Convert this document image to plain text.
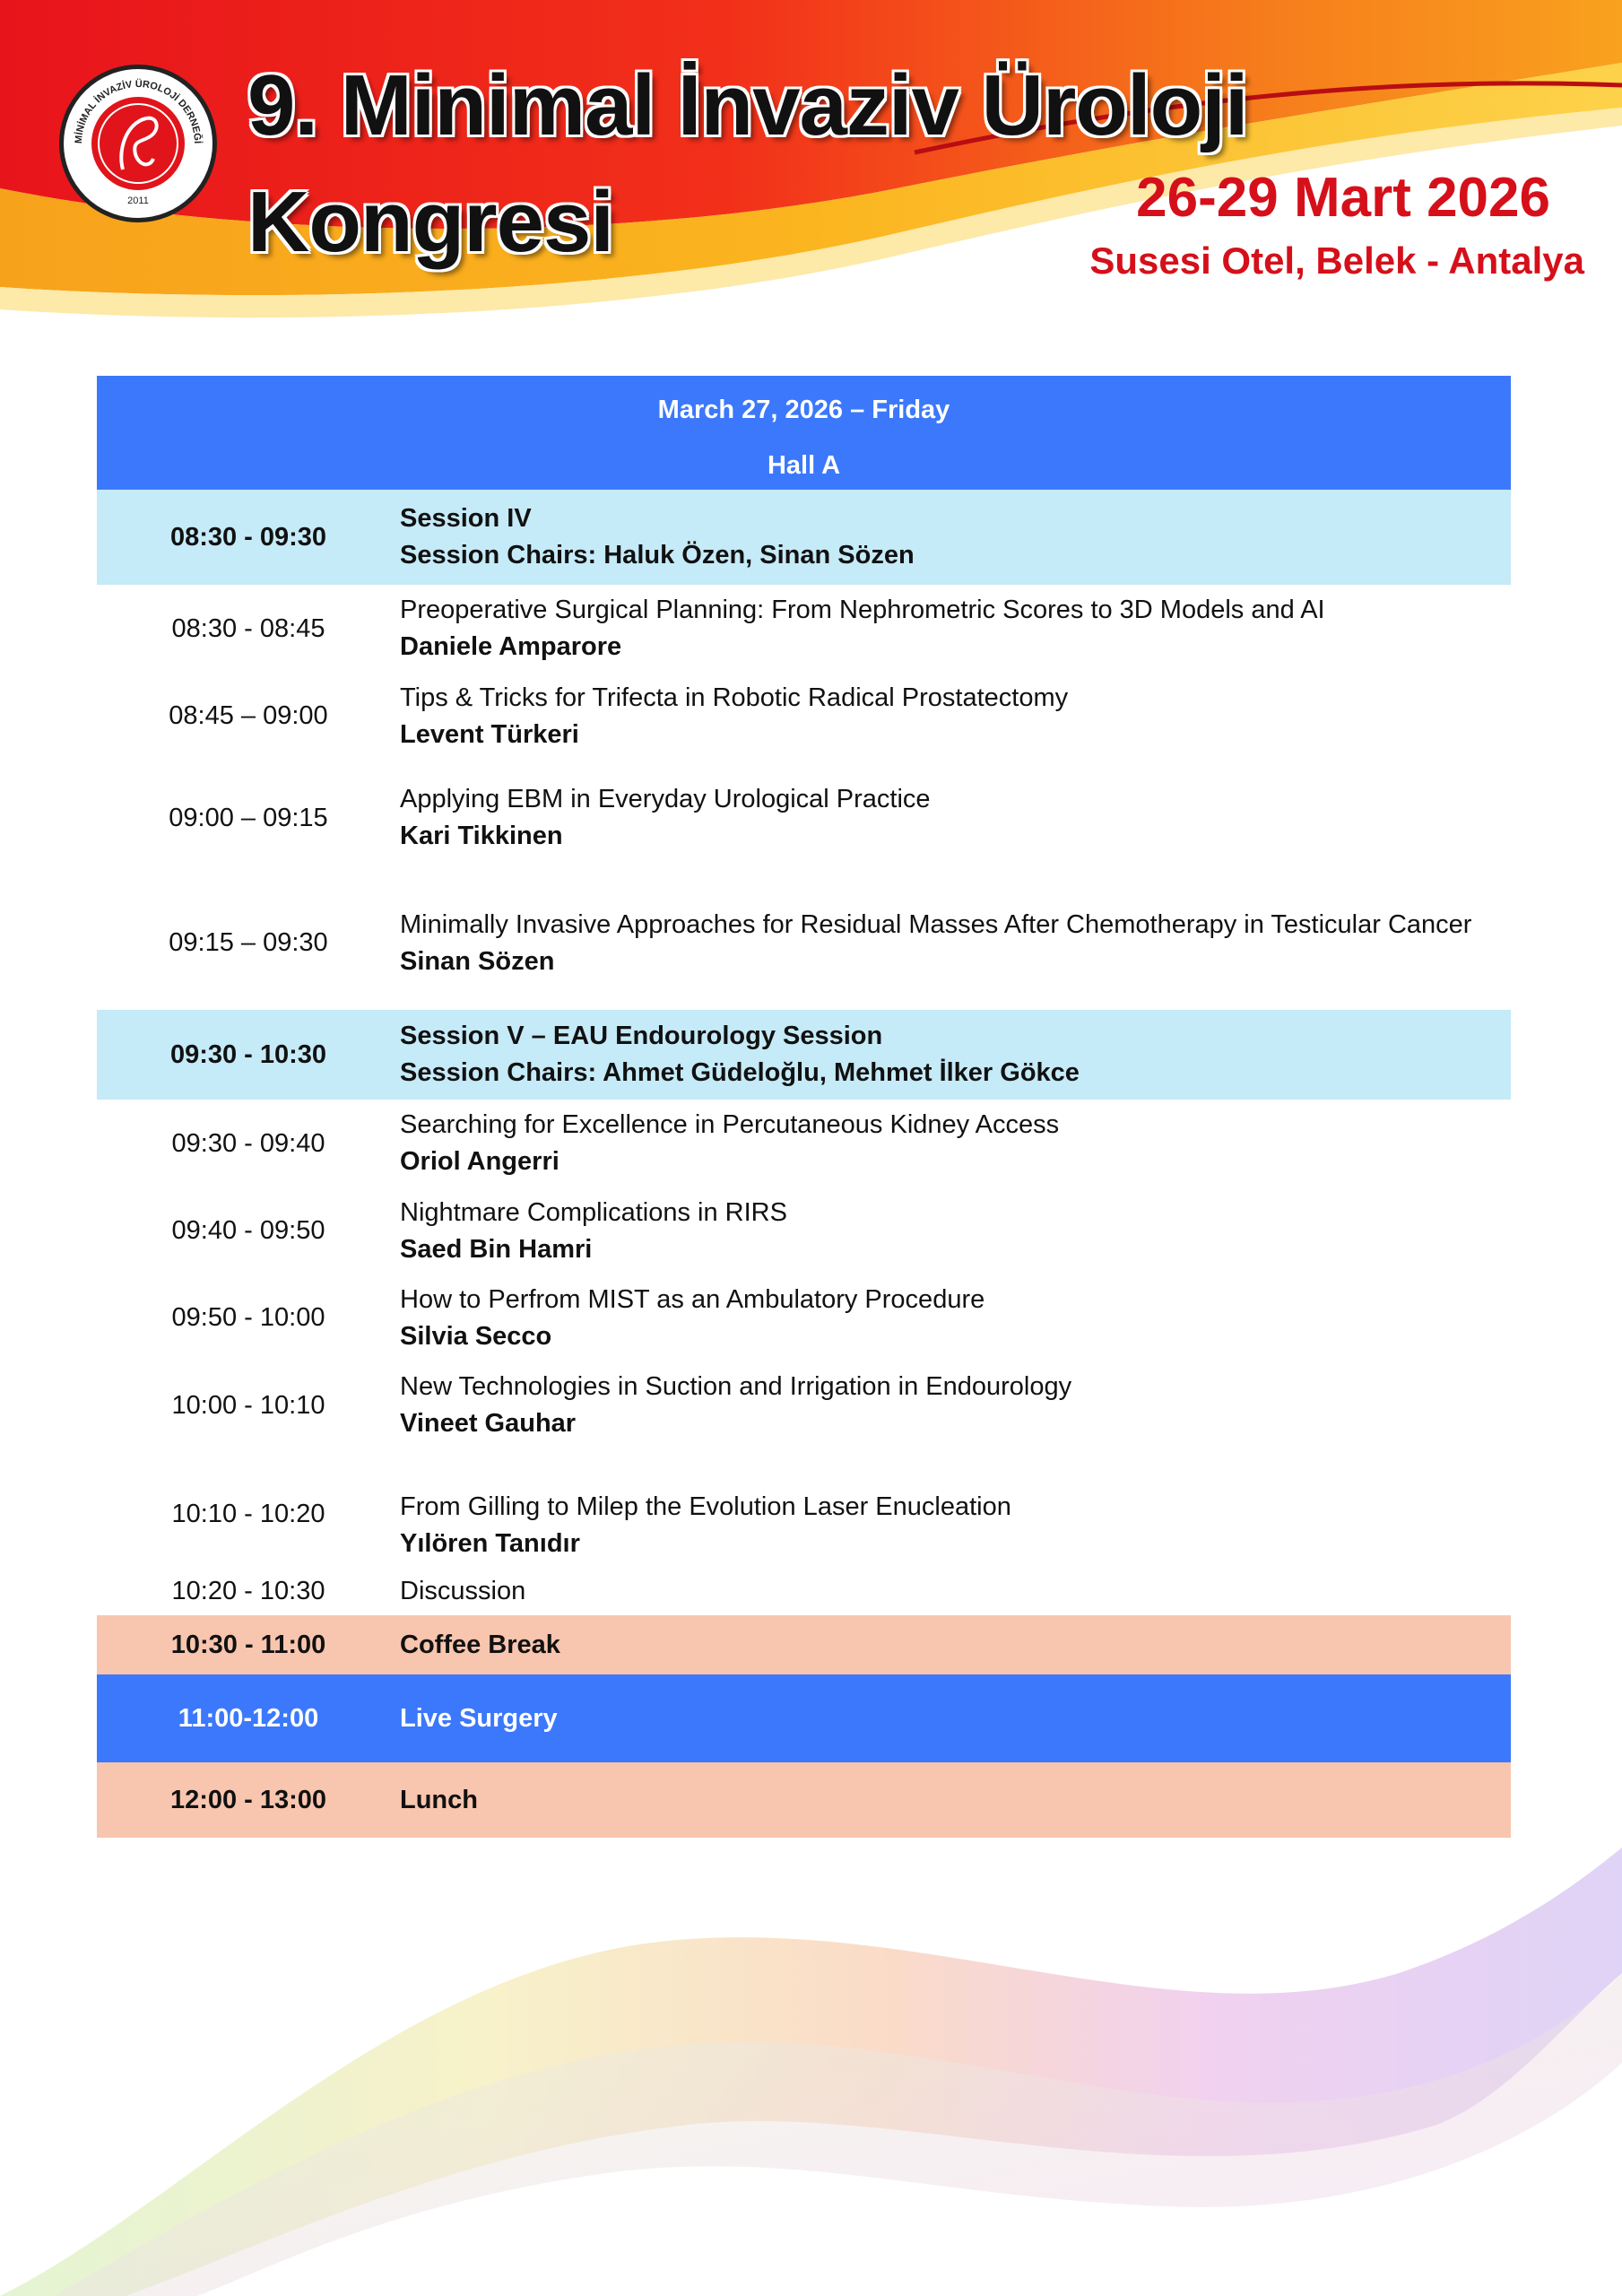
MİNİMAL İNVAZİV ÜROLOJİ DERNEĞİ
2011
9. Minimal İnvaziv Üroloji
Kongresi	26-29 Mart 2026

Susesi Otel, Belek - Antalya

March 27, 2026 – Friday
Hall A
08:30 - 09:30
Session IV
Session Chairs: Haluk Özen, Sinan Sözen
08:30 - 08:45
Preoperative Surgical Planning: From Nephrometric Scores to 3D Models and AI
Daniele Amparore
08:45 – 09:00
Tips & Tricks for Trifecta in Robotic Radical Prostatectomy
Levent Türkeri
09:00 – 09:15
Applying EBM in Everyday Urological Practice
Kari Tikkinen
09:15 – 09:30
Minimally Invasive Approaches for Residual Masses After Chemotherapy in Testicular Cancer
Sinan Sözen
09:30 - 10:30
Session V – EAU Endourology Session
Session Chairs: Ahmet Güdeloğlu, Mehmet İlker Gökce
09:30 - 09:40
Searching for Excellence in Percutaneous Kidney Access
Oriol Angerri
09:40 - 09:50
Nightmare Complications in RIRS
Saed Bin Hamri
09:50 - 10:00
How to Perfrom MIST as an Ambulatory Procedure
Silvia Secco
10:00 - 10:10
New Technologies in Suction and Irrigation in Endourology
Vineet Gauhar
10:10 - 10:20	From Gilling to Milep the Evolution Laser Enucleation
Yılören Tanıdır
10:20 - 10:30	Discussion
10:30 - 11:00	Coffee Break
11:00-12:00	Live Surgery
12:00 - 13:00	Lunch
